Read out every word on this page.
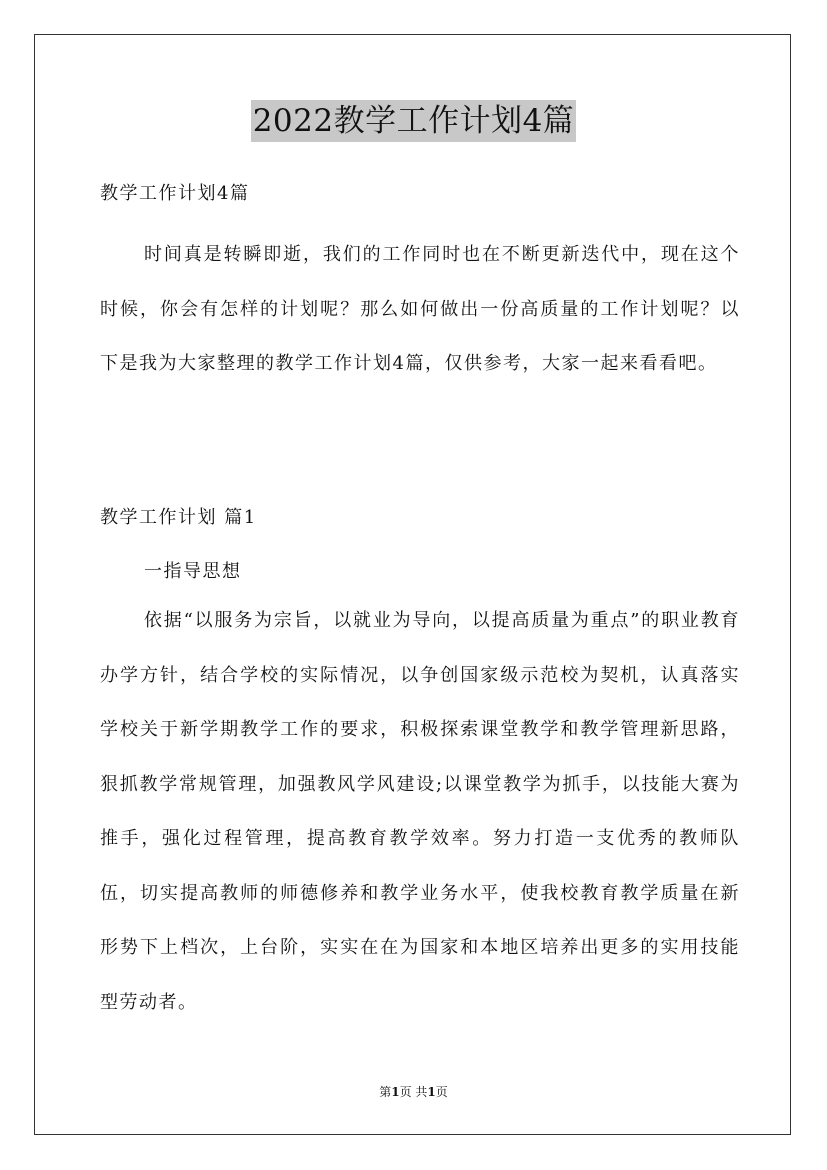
2022教学工作计划4篇

教学工作计划4篇

时间真是转瞬即逝，我们的工作同时也在不断更新迭代中，现在这个时候，你会有怎样的计划呢？那么如何做出一份高质量的工作计划呢？以下是我为大家整理的教学工作计划4篇，仅供参考，大家一起来看看吧。

教学工作计划 篇1

一指导思想

依据“以服务为宗旨，以就业为导向，以提高质量为重点”的职业教育办学方针，结合学校的实际情况，以争创国家级示范校为契机，认真落实学校关于新学期教学工作的要求，积极探索课堂教学和教学管理新思路，狠抓教学常规管理，加强教风学风建设;以课堂教学为抓手，以技能大赛为推手，强化过程管理，提高教育教学效率。努力打造一支优秀的教师队伍，切实提高教师的师德修养和教学业务水平，使我校教育教学质量在新形势下上档次，上台阶，实实在在为国家和本地区培养出更多的实用技能型劳动者。

第1页 共1页
